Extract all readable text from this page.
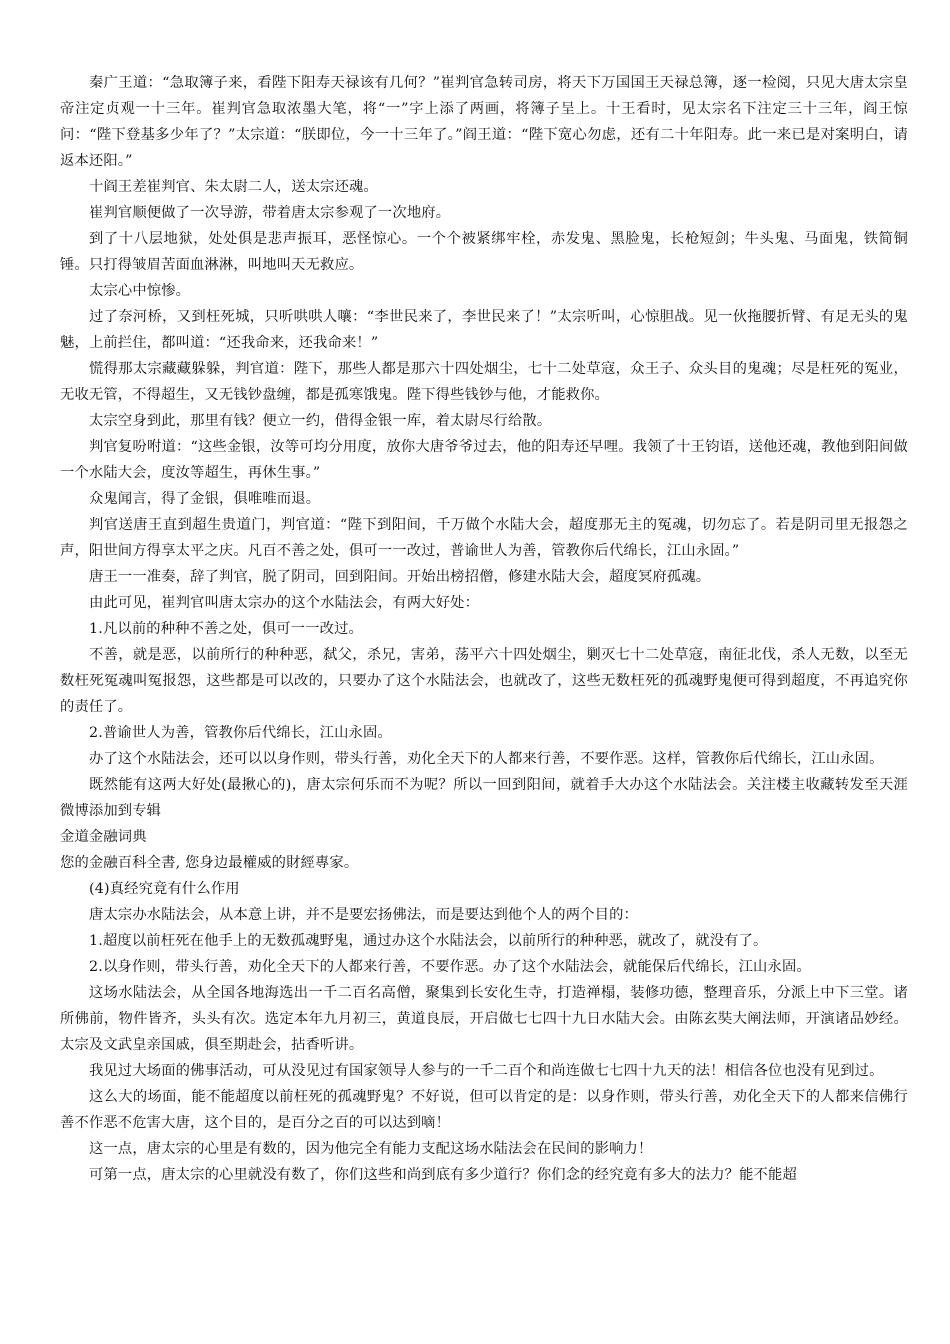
秦广王道：“急取簿子来，看陛下阳寿天禄该有几何？”崔判官急转司房，将天下万国国王天禄总簿，逐一检阅，只见大唐太宗皇帝注定贞观一十三年。崔判官急取浓墨大笔，将“一”字上添了两画，将簿子呈上。十王看时，见太宗名下注定三十三年，阎王惊问：“陛下登基多少年了？”太宗道：“朕即位，今一十三年了。”阎王道：“陛下宽心勿虑，还有二十年阳寿。此一来已是对案明白，请返本还阳。”

十阎王差崔判官、朱太尉二人，送太宗还魂。

崔判官顺便做了一次导游，带着唐太宗参观了一次地府。

到了十八层地狱，处处俱是悲声振耳，恶怪惊心。一个个被紧绑牢栓，赤发鬼、黑脸鬼，长枪短剑；牛头鬼、马面鬼，铁简铜锤。只打得皱眉苦面血淋淋，叫地叫天无救应。

太宗心中惊惨。

过了奈河桥，又到枉死城，只听哄哄人嚷：“李世民来了，李世民来了！”太宗听叫，心惊胆战。见一伙拖腰折臂、有足无头的鬼魅，上前拦住，都叫道：“还我命来，还我命来！”

慌得那太宗藏藏躲躲，判官道：陛下，那些人都是那六十四处烟尘，七十二处草寇，众王子、众头目的鬼魂；尽是枉死的冤业，无收无管，不得超生，又无钱钞盘缠，都是孤寒饿鬼。陛下得些钱钞与他，才能救你。

太宗空身到此，那里有钱？便立一约，借得金银一库，着太尉尽行给散。

判官复吩咐道：“这些金银，汝等可均分用度，放你大唐爷爷过去，他的阳寿还早哩。我领了十王钧语，送他还魂，教他到阳间做一个水陆大会，度汝等超生，再休生事。”

众鬼闻言，得了金银，俱唯唯而退。

判官送唐王直到超生贵道门，判官道：“陛下到阳间，千万做个水陆大会，超度那无主的冤魂，切勿忘了。若是阴司里无报怨之声，阳世间方得享太平之庆。凡百不善之处，俱可一一改过，普谕世人为善，管教你后代绵长，江山永固。”

唐王一一准奏，辞了判官，脱了阴司，回到阳间。开始出榜招僧，修建水陆大会，超度冥府孤魂。

由此可见，崔判官叫唐太宗办的这个水陆法会，有两大好处：

1.凡以前的种种不善之处，俱可一一改过。

不善，就是恶，以前所行的种种恶，弑父，杀兄，害弟，荡平六十四处烟尘，剿灭七十二处草寇，南征北伐，杀人无数，以至无数枉死冤魂叫冤报怨，这些都是可以改的，只要办了这个水陆法会，也就改了，这些无数枉死的孤魂野鬼便可得到超度，不再追究你的责任了。

2.普谕世人为善，管教你后代绵长，江山永固。

办了这个水陆法会，还可以以身作则，带头行善，劝化全天下的人都来行善，不要作恶。这样，管教你后代绵长，江山永固。

既然能有这两大好处(最揪心的)，唐太宗何乐而不为呢？所以一回到阳间，就着手大办这个水陆法会。关注楼主收藏转发至天涯微博添加到专辑

金道金融词典

您的金融百科全書, 您身边最權威的財經專家。

(4)真经究竟有什么作用

唐太宗办水陆法会，从本意上讲，并不是要宏扬佛法，而是要达到他个人的两个目的：

1.超度以前枉死在他手上的无数孤魂野鬼，通过办这个水陆法会，以前所行的种种恶，就改了，就没有了。

2.以身作则，带头行善，劝化全天下的人都来行善，不要作恶。办了这个水陆法会，就能保后代绵长，江山永固。

这场水陆法会，从全国各地海选出一千二百名高僧，聚集到长安化生寺，打造禅榻，装修功德，整理音乐，分派上中下三堂。诸所佛前，物件皆齐，头头有次。选定本年九月初三，黄道良辰，开启做七七四十九日水陆大会。由陈玄奘大阐法师，开演诸品妙经。太宗及文武皇亲国戚，俱至期赴会，拈香听讲。

我见过大场面的佛事活动，可从没见过有国家领导人参与的一千二百个和尚连做七七四十九天的法！相信各位也没有见到过。

这么大的场面，能不能超度以前枉死的孤魂野鬼？不好说，但可以肯定的是：以身作则，带头行善，劝化全天下的人都来信佛行善不作恶不危害大唐，这个目的，是百分之百的可以达到嘀！

这一点，唐太宗的心里是有数的，因为他完全有能力支配这场水陆法会在民间的影响力！

可第一点，唐太宗的心里就没有数了，你们这些和尚到底有多少道行？你们念的经究竟有多大的法力？能不能超
